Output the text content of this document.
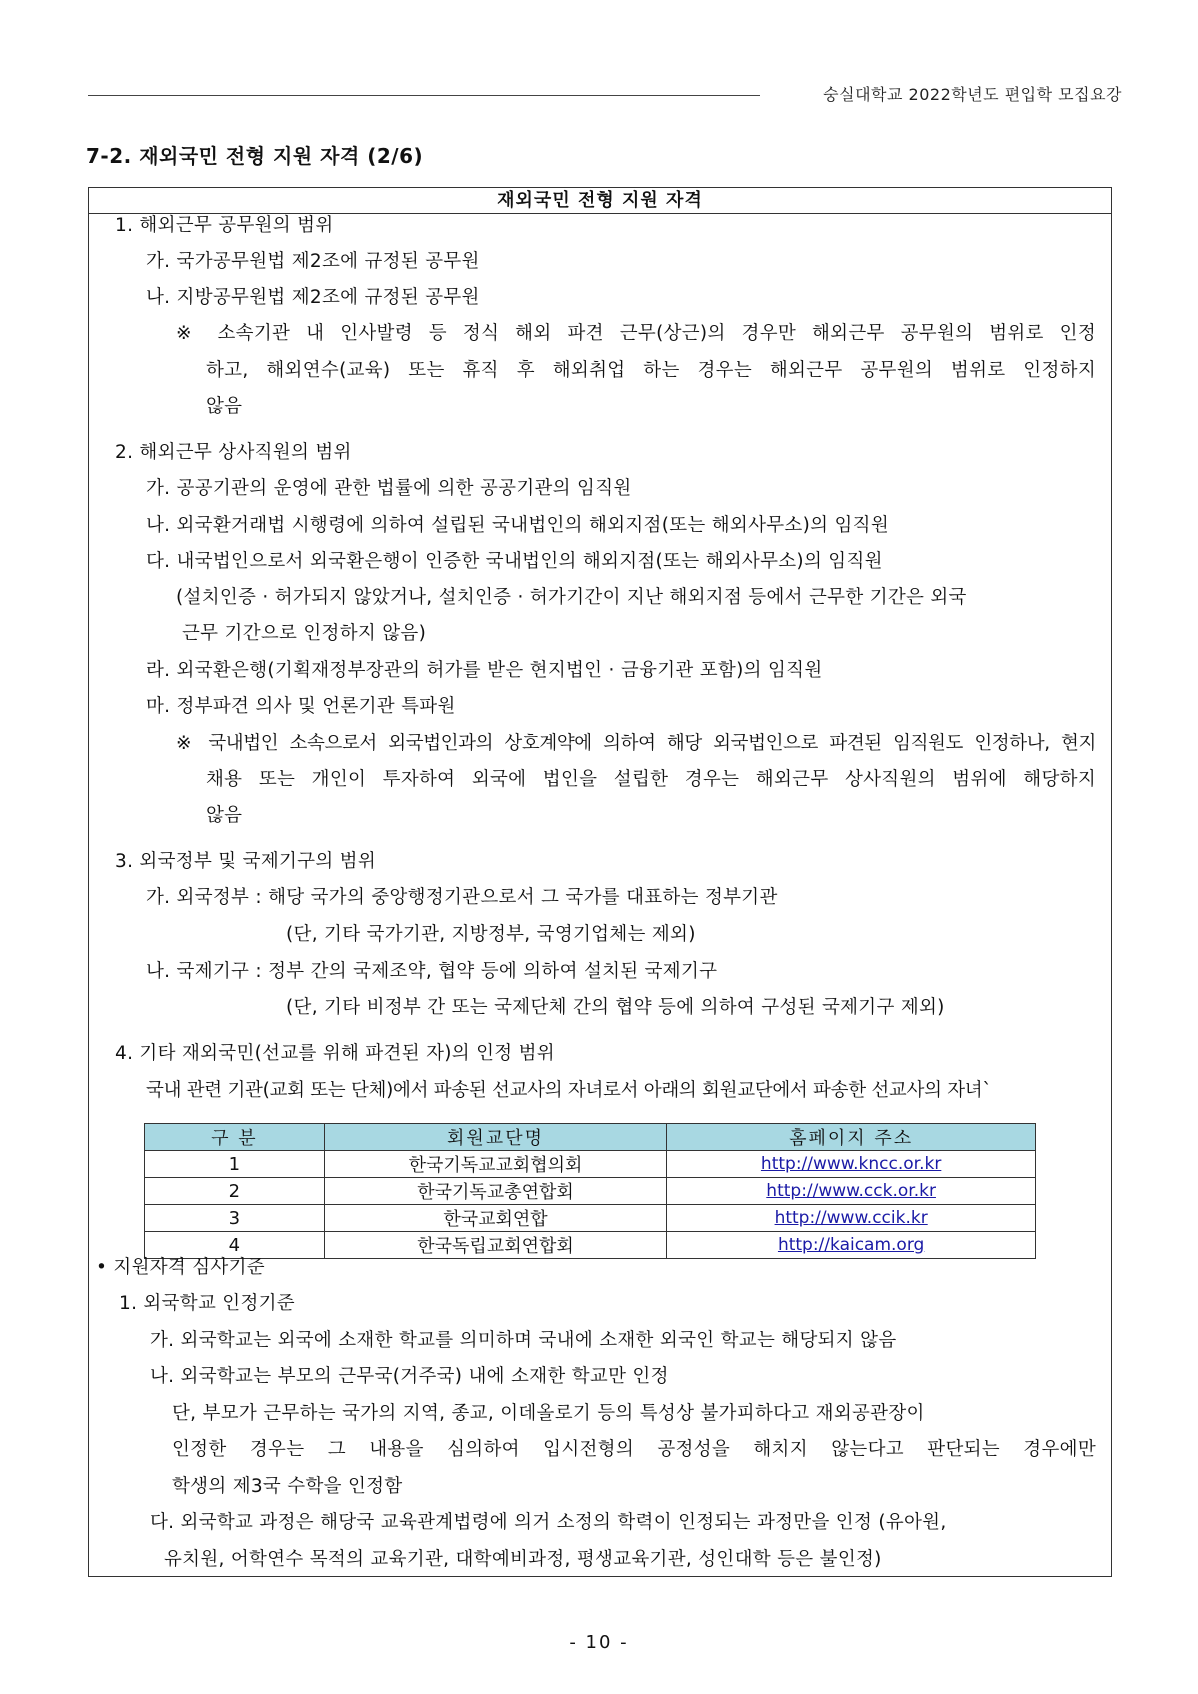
숭실대학교 2022학년도 편입학 모집요강
7-2. 재외국민 전형 지원 자격 (2/6)
재외국민 전형 지원 자격
1. 해외근무 공무원의 범위
가. 국가공무원법 제2조에 규정된 공무원
나. 지방공무원법 제2조에 규정된 공무원
※ 소속기관 내 인사발령 등 정식 해외 파견 근무(상근)의 경우만 해외근무 공무원의 범위로 인정
하고, 해외연수(교육) 또는 휴직 후 해외취업 하는 경우는 해외근무 공무원의 범위로 인정하지
않음
2. 해외근무 상사직원의 범위
가. 공공기관의 운영에 관한 법률에 의한 공공기관의 임직원
나. 외국환거래법 시행령에 의하여 설립된 국내법인의 해외지점(또는 해외사무소)의 임직원
다. 내국법인으로서 외국환은행이 인증한 국내법인의 해외지점(또는 해외사무소)의 임직원
(설치인증 · 허가되지 않았거나, 설치인증 · 허가기간이 지난 해외지점 등에서 근무한 기간은 외국
근무 기간으로 인정하지 않음)
라. 외국환은행(기획재정부장관의 허가를 받은 현지법인 · 금융기관 포함)의 임직원
마. 정부파견 의사 및 언론기관 특파원
※ 국내법인 소속으로서 외국법인과의 상호계약에 의하여 해당 외국법인으로 파견된 임직원도 인정하나, 현지
채용 또는 개인이 투자하여 외국에 법인을 설립한 경우는 해외근무 상사직원의 범위에 해당하지
않음
3. 외국정부 및 국제기구의 범위
가. 외국정부 : 해당 국가의 중앙행정기관으로서 그 국가를 대표하는 정부기관
(단, 기타 국가기관, 지방정부, 국영기업체는 제외)
나. 국제기구 : 정부 간의 국제조약, 협약 등에 의하여 설치된 국제기구
(단, 기타 비정부 간 또는 국제단체 간의 협약 등에 의하여 구성된 국제기구 제외)
4. 기타 재외국민(선교를 위해 파견된 자)의 인정 범위
국내 관련 기관(교회 또는 단체)에서 파송된 선교사의 자녀로서 아래의 회원교단에서 파송한 선교사의 자녀`
구 분	회원교단명	홈페이지 주소
1	한국기독교교회협의회	http://www.kncc.or.kr
2	한국기독교총연합회	http://www.cck.or.kr
3	한국교회연합	http://www.ccik.kr
4	한국독립교회연합회	http://kaicam.org
• 지원자격 심사기준
1. 외국학교 인정기준
가. 외국학교는 외국에 소재한 학교를 의미하며 국내에 소재한 외국인 학교는 해당되지 않음
나. 외국학교는 부모의 근무국(거주국) 내에 소재한 학교만 인정
단, 부모가 근무하는 국가의 지역, 종교, 이데올로기 등의 특성상 불가피하다고 재외공관장이
인정한 경우는 그 내용을 심의하여 입시전형의 공정성을 해치지 않는다고 판단되는 경우에만
학생의 제3국 수학을 인정함
다. 외국학교 과정은 해당국 교육관계법령에 의거 소정의 학력이 인정되는 과정만을 인정 (유아원,
유치원, 어학연수 목적의 교육기관, 대학예비과정, 평생교육기관, 성인대학 등은 불인정)
- 10 -
